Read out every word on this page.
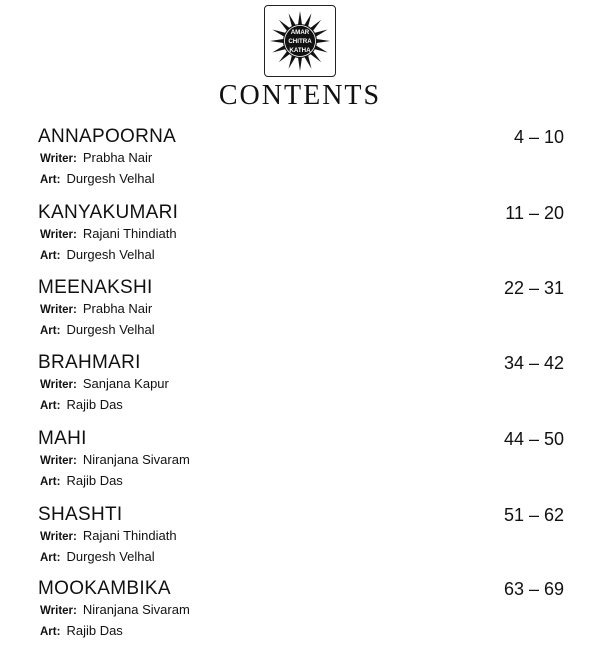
AMAR
CHITRA
KATHA
CONTENTS
ANNAPOORNA	4 – 10
Writer: Prabha Nair
Art: Durgesh Velhal
KANYAKUMARI	11 – 20
Writer: Rajani Thindiath
Art: Durgesh Velhal
MEENAKSHI	22 – 31
Writer: Prabha Nair
Art: Durgesh Velhal
BRAHMARI	34 – 42
Writer: Sanjana Kapur
Art: Rajib Das
MAHI	44 – 50
Writer: Niranjana Sivaram
Art: Rajib Das
SHASHTI	51 – 62
Writer: Rajani Thindiath
Art: Durgesh Velhal
MOOKAMBIKA	63 – 69
Writer: Niranjana Sivaram
Art: Rajib Das
